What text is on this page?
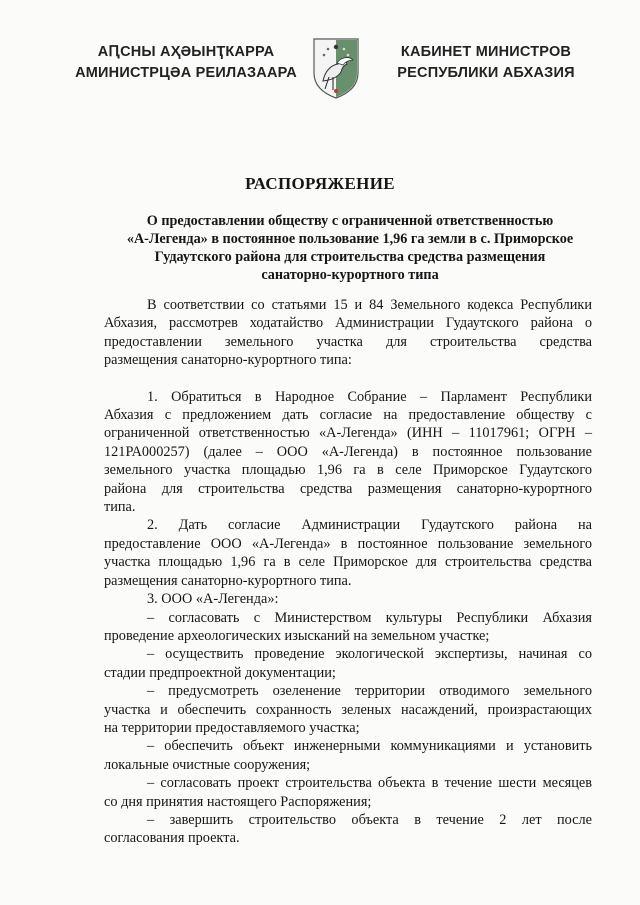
АԤСНЫ АҲӘЫНҬКАРРА
АМИНИСТРЦӘА РЕИЛАЗААРА
КАБИНЕТ МИНИСТРОВ
РЕСПУБЛИКИ АБХАЗИЯ
РАСПОРЯЖЕНИЕ
О предоставлении обществу с ограниченной ответственностью
«А-Легенда» в постоянное пользование 1,96 га земли в с. Приморское
Гудаутского района для строительства средства размещения
санаторно-курортного типа
В соответствии со статьями 15 и 84 Земельного кодекса Республики
Абхазия, рассмотрев ходатайство Администрации Гудаутского района о
предоставлении земельного участка для строительства средства
размещения санаторно-курортного типа:
1. Обратиться в Народное Собрание – Парламент Республики
Абхазия с предложением дать согласие на предоставление обществу с
ограниченной ответственностью «А-Легенда» (ИНН – 11017961; ОГРН –
121РА000257) (далее – ООО «А-Легенда) в постоянное пользование
земельного участка площадью 1,96 га в селе Приморское Гудаутского
района для строительства средства размещения санаторно-курортного
типа.
2. Дать согласие Администрации Гудаутского района на
предоставление ООО «А-Легенда» в постоянное пользование земельного
участка площадью 1,96 га в селе Приморское для строительства средства
размещения санаторно-курортного типа.
3. ООО «А-Легенда»:
– согласовать с Министерством культуры Республики Абхазия
проведение археологических изысканий на земельном участке;
– осуществить проведение экологической экспертизы, начиная со
стадии предпроектной документации;
– предусмотреть озеленение территории отводимого земельного
участка и обеспечить сохранность зеленых насаждений, произрастающих
на территории предоставляемого участка;
– обеспечить объект инженерными коммуникациями и установить
локальные очистные сооружения;
– согласовать проект строительства объекта в течение шести месяцев
со дня принятия настоящего Распоряжения;
– завершить строительство объекта в течение 2 лет после
согласования проекта.
